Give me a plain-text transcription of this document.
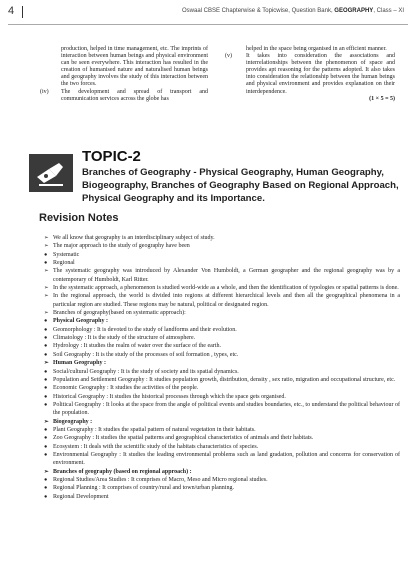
4	Oswaal CBSE Chapterwise & Topicwise, Question Bank, GEOGRAPHY, Class – XI
production, helped in time management, etc. The imprints of interaction between human beings and physical environment can be seen everywhere. This interaction has resulted in the creation of humanised nature and naturalised human beings and geography involves the study of this interaction between the two forces.
(iv) The development and spread of transport and communication services across the globe has
helped in the space being organised in an efficient manner.
(v) It takes into consideration the associations and interrelationships between the phenomenon of space and provides apt reasoning for the patterns adopted. It also takes into consideration the relationship between the human beings and physical environment and provides explanation on their interdependence.
(1 × 5 = 5)
TOPIC-2
Branches of Geography - Physical Geography, Human Geography, Biogeography, Branches of Geography Based on Regional Approach, Physical Geography and its Importance.
Revision Notes
➢ We all know that geography is an interdisciplinary subject of study.
➢ The major approach to the study of geography have been
● Systematic
● Regional
➢ The systematic geography was introduced by Alexander Von Humboldt, a German geographer and the regional geography was by a contemporary of Humboldt, Karl Ritter.
➢ In the systematic approach, a phenomenon is studied world-wide as a whole, and then the identification of typologies or spatial patterns is done.
➢ In the regional approach, the world is divided into regions at different hierarchical levels and then all the geographical phenomena in a particular region are studied. These regions may be natural, political or designated region.
➢ Branches of geography(based on systematic approach):
● Physical Geography :
● Geomorphology : It is devoted to the study of landforms and their evolution.
● Climatology : It is the study of the structure of atmosphere.
● Hydrology : It studies the realm of water over the surface of the earth.
● Soil Geography : It is the study of the processes of soil formation , types, etc.
➢ Human Geography :
● Social/cultural Geography : It is the study of society and its spatial dynamics.
● Population and Settlement Geography : It studies population growth, distribution, density , sex ratio, migration and occupational structure, etc.
● Economic Geography : It studies the activities of the people.
● Historical Geography : It studies the historical processes through which the space gets organised.
● Political Geography : It looks at the space from the angle of political events and studies boundaries, etc., to understand the political behaviour of the population.
➢ Biogeography :
● Plant Geography : It studies the spatial pattern of natural vegetation in their habitats.
● Zoo Geography : It studies the spatial patterns and geographical characteristics of animals and their habitats.
● Ecosystem : It deals with the scientific study of the habitats characteristics of species.
● Environmental Geography : It studies the leading environmental problems such as land gradation, pollution and concerns for conservation of environment.
➢ Branches of geography (based on regional approach) :
● Regional Studies/Area Studies : It comprises of Macro, Meso and Micro regional studies.
● Regional Planning : It comprises of country/rural and town/urban planning.
● Regional Development
